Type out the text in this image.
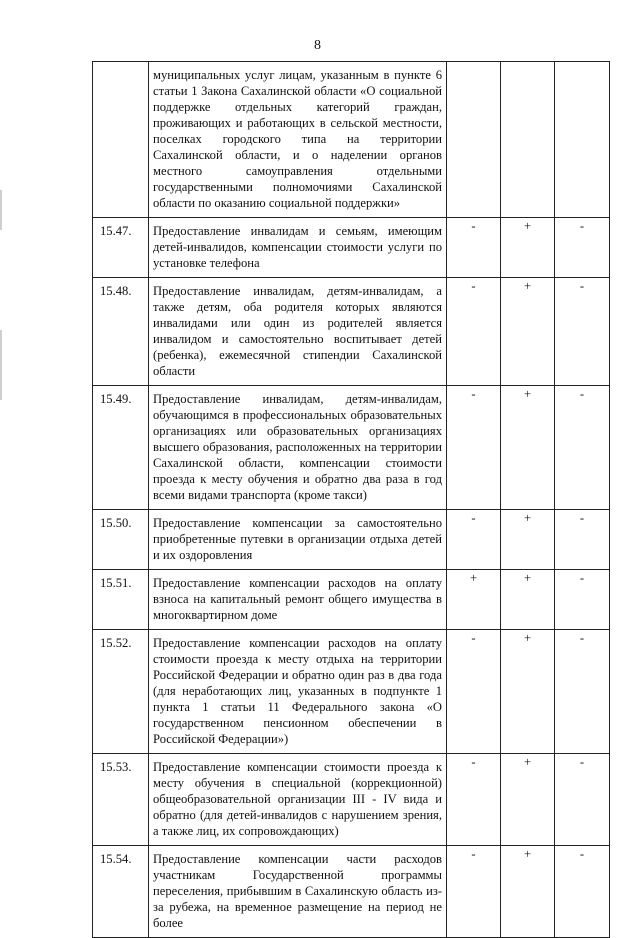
8
	муниципальных услуг лицам, указанным в пункте 6 статьи 1 Закона Сахалинской области «О социальной поддержке отдельных категорий граждан, проживающих и работающих в сельской местности, поселках городского типа на территории Сахалинской области, и о наделении органов местного самоуправления отдельными государственными полномочиями Сахалинской области по оказанию социальной поддержки»			
15.47.	Предоставление инвалидам и семьям, имеющим детей-инвалидов, компенсации стоимости услуги по установке телефона	-	+	-
15.48.	Предоставление инвалидам, детям-инвалидам, а также детям, оба родителя которых являются инвалидами или один из родителей является инвалидом и самостоятельно воспитывает детей (ребенка), ежемесячной стипендии Сахалинской области	-	+	-
15.49.	Предоставление инвалидам, детям-инвалидам, обучающимся в профессиональных образовательных организациях или образовательных организациях высшего образования, расположенных на территории Сахалинской области, компенсации стоимости проезда к месту обучения и обратно два раза в год всеми видами транспорта (кроме такси)	-	+	-
15.50.	Предоставление компенсации за самостоятельно приобретенные путевки в организации отдыха детей и их оздоровления	-	+	-
15.51.	Предоставление компенсации расходов на оплату взноса на капитальный ремонт общего имущества в многоквартирном доме	+	+	-
15.52.	Предоставление компенсации расходов на оплату стоимости проезда к месту отдыха на территории Российской Федерации и обратно один раз в два года (для неработающих лиц, указанных в подпункте 1 пункта 1 статьи 11 Федерального закона «О государственном пенсионном обеспечении в Российской Федерации»)	-	+	-
15.53.	Предоставление компенсации стоимости проезда к месту обучения в специальной (коррекционной) общеобразовательной организации III - IV вида и обратно (для детей-инвалидов с нарушением зрения, а также лиц, их сопровождающих)	-	+	-
15.54.	Предоставление компенсации части расходов участникам Государственной программы переселения, прибывшим в Сахалинскую область из-за рубежа, на временное размещение на период не более	-	+	-
